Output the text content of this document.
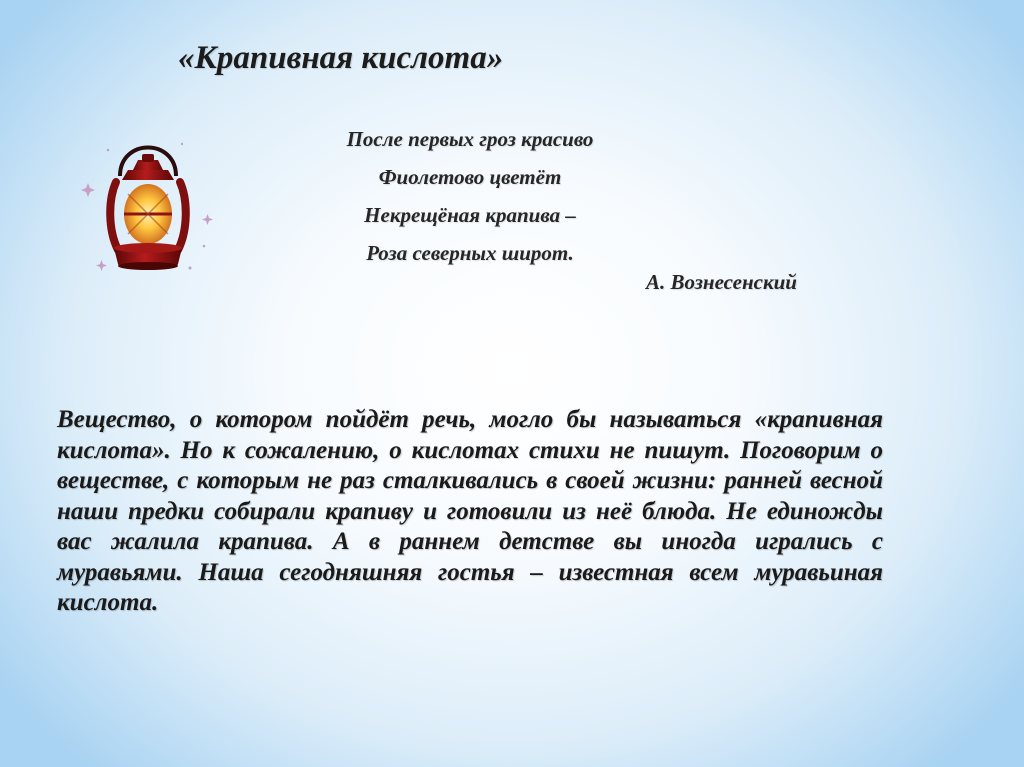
«Крапивная кислота»
После первых гроз красиво
Фиолетово цветёт
Некрещёная крапива –
Роза северных широт.
А. Вознесенский

Вещество, о котором пойдёт речь, могло бы называться «крапивная кислота». Но к сожалению, о кислотах стихи не пишут. Поговорим о веществе, с которым не раз сталкивались в своей жизни: ранней весной наши предки собирали крапиву и готовили из неё блюда. Не единожды вас жалила крапива. А в раннем детстве вы иногда игрались с муравьями. Наша сегодняшняя гостья – известная всем муравьиная кислота.
